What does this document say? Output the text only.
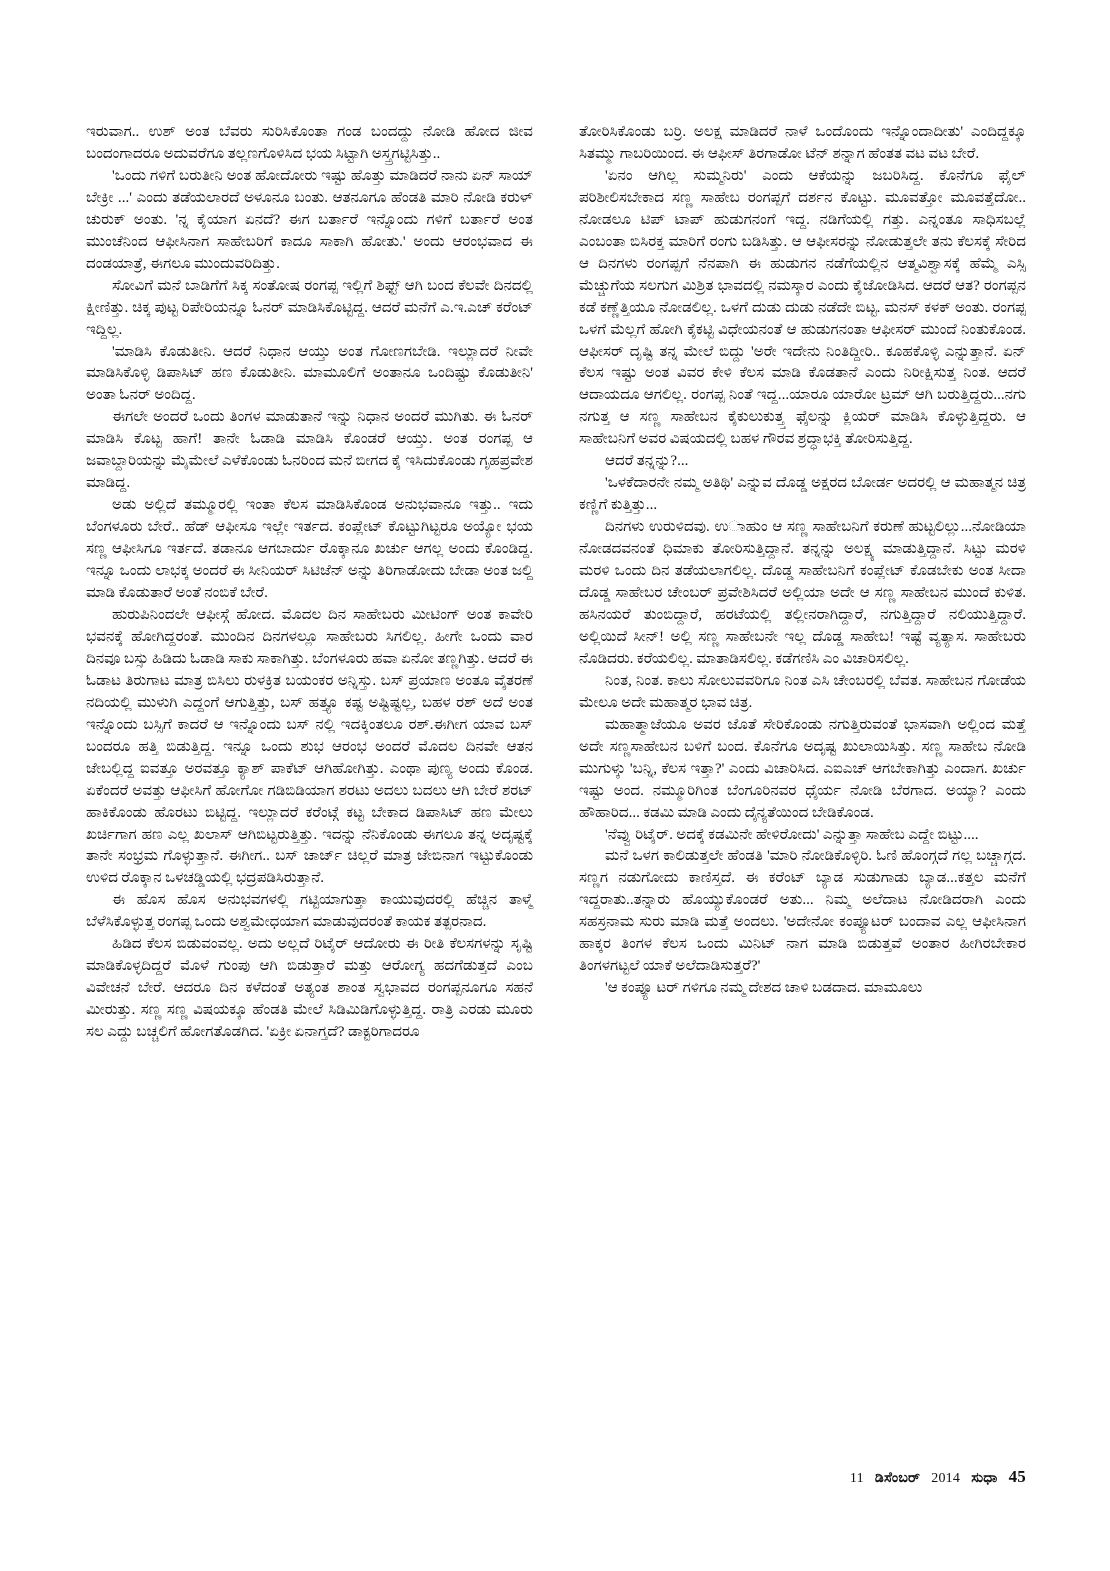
ಇರುವಾಗ.. ಉಶ್ ಅಂತ ಬೆವರು ಸುರಿಸಿಕೊಂತಾ ಗಂಡ ಬಂದದ್ದು ನೋಡಿ ಹೋದ ಜೀವ ಬಂದಂಗಾದರೂ ಅದುವರೆಗೂ ತಲ್ಲಣಗೊಳಿಸಿದ ಭಯ ಸಿಟ್ಟಾಗಿ ಅಸ್ತ್ರಗಟ್ಟಿಸಿತ್ತು..

'ಒಂದು ಗಳಿಗೆ ಬರುತೀನಿ ಅಂತ ಹೋದೋರು ಇಷ್ಟು ಹೊತ್ತು ಮಾಡಿದರೆ ನಾನು ಏನ್ ಸಾಯ್ ಬೇಕ್ರೀ ...' ಎಂದು ತಡೆಯಲಾರದೆ ಅಳೂನೂ ಬಂತು. ಆತನೂಗೂ ಹೆಂಡತಿ ಮಾರಿ ನೋಡಿ ಕರುಳ್ ಚುರುಕ್ ಅಂತು. 'ನ್ನ ಕೈಯಾಗ ಏನದೆ? ಈಗ ಬರ್ತಾರೆ ಇನ್ನೊಂದು ಗಳಿಗೆ ಬರ್ತಾರೆ ಅಂತ ಮುಂಚೆನಿಂದ ಆಫೀಸಿನಾಗ ಸಾಹೇಬರಿಗೆ ಕಾದೂ ಸಾಕಾಗಿ ಹೋತು.' ಅಂದು ಆರಂಭವಾದ ಈ ದಂಡಯಾತ್ರೆ, ಈಗಲೂ ಮುಂದುವರಿದಿತ್ತು.

ಸೋವಿಗೆ ಮನೆ ಬಾಡಿಗೆಗೆ ಸಿಕ್ಕ ಸಂತೋಷ ರಂಗಪ್ಪ ಇಲ್ಲಿಗೆ ಶಿಫ್ಟ್ ಆಗಿ ಬಂದ ಕೆಲವೇ ದಿನದಲ್ಲಿ ಕ್ಷೀಣಿತ್ತು. ಚಿಕ್ಕ ಪುಟ್ಟ ರಿಪೇರಿಯನ್ನೂ ಓನರ್ ಮಾಡಿಸಿಕೊಟ್ಟಿದ್ದ. ಆದರೆ ಮನೆಗೆ ಎ.ಇ.ಎಚ್ ಕರೆಂಟ್ ಇದ್ದಿಲ್ಲ.

'ಮಾಡಿಸಿ ಕೊಡುತೀನಿ. ಆದರೆ ನಿಧಾನ ಆಯ್ತು ಅಂತ ಗೋಣಗಬೇಡಿ. ಇಲ್ಲುಾದರೆ ನೀವೇ ಮಾಡಿಸಿಕೊಳ್ಳಿ ಡಿಪಾಸಿಟ್ ಹಣ ಕೊಡುತೀನಿ. ಮಾಮೂಲಿಗೆ ಅಂತಾನೂ ಒಂದಿಷ್ಟು ಕೊಡುತೀನಿ' ಅಂತಾ ಓನರ್ ಅಂದಿದ್ದ.

ಈಗಲೇ ಅಂದರೆ ಒಂದು ತಿಂಗಳ ಮಾಡುತಾನೆ ಇನ್ನು ನಿಧಾನ ಅಂದರೆ ಮುಗಿತು. ಈ ಓನರ್ ಮಾಡಿಸಿ ಕೊಟ್ಟ ಹಾಗೆ! ತಾನೇ ಓಡಾಡಿ ಮಾಡಿಸಿ ಕೊಂಡರೆ ಆಯ್ತು. ಅಂತ ರಂಗಪ್ಪ ಆ ಜವಾಬ್ದಾರಿಯನ್ನು ಮೈಮೇಲೆ ಎಳೆಕೊಂಡು ಓನರಿಂದ ಮನೆ ಬೀಗದ ಕೈ ಇಸಿದುಕೊಂಡು ಗೃಹಪ್ರವೇಶ ಮಾಡಿದ್ದ.

ಅಡು ಅಲ್ಲಿದೆ ತಮ್ಮೂರಲ್ಲಿ ಇಂತಾ ಕೆಲಸ ಮಾಡಿಸಿಕೊಂಡ ಅನುಭವಾನೂ ಇತ್ತು.. ಇದು ಬೆಂಗಳೂರು ಬೇರೆ.. ಹೆಡ್ ಆಫೀಸೂ ಇಲ್ಲೇ ಇರ್ತದ. ಕಂಪ್ಲೇಟ್ ಕೊಟ್ಟುಗಿಟ್ಟರೂ ಅಯ್ಯೋ ಭಯ ಸಣ್ಣ ಆಫೀಸಿಗೂ ಇರ್ತದೆ. ತಡಾನೂ ಆಗಬಾರ್ದು ರೊಕ್ಕಾನೂ ಖರ್ಚು ಆಗಲ್ಲ ಅಂದು ಕೊಂಡಿದ್ದ. ಇನ್ನೂ ಒಂದು ಲಾಭಕ್ಕ ಅಂದರೆ ಈ ಸೀನಿಯರ್ ಸಿಟಿಜೆನ್ ಅನ್ನು ತಿರಿಗಾಡೋದು ಬೇಡಾ ಅಂತ ಜಲ್ದಿ ಮಾಡಿ ಕೊಡುತಾರೆ ಅಂತೆ ನಂಬಿಕೆ ಬೇರೆ.

ಹುರುಪಿನಿಂದಲೇ ಆಫೀಸ್ಗೆ ಹೋದ. ಮೊದಲ ದಿನ ಸಾಹೇಬರು ಮೀಟಿಂಗ್ ಅಂತ ಕಾವೇರಿ ಭವನಕ್ಕೆ ಹೋಗಿದ್ದರಂತೆ. ಮುಂದಿನ ದಿನಗಳಲ್ಲೂ ಸಾಹೇಬರು ಸಿಗಲಿಲ್ಲ. ಹೀಗೇ ಒಂದು ವಾರ ದಿನವೂ ಬಸ್ಸು ಹಿಡಿದು ಓಡಾಡಿ ಸಾಕು ಸಾಕಾಗಿತ್ತು. ಬೆಂಗಳೂರು ಹವಾ ಏನೋ ತಣ್ಣಗಿತ್ತು. ಆದರೆ ಈ ಓಡಾಟ ತಿರುಗಾಟ ಮಾತ್ರ ಬಿಸಿಲು ರುಳಕ್ರಿತ ಬಯಂಕರ ಅನ್ನಿಸ್ತು. ಬಸ್ ಪ್ರಯಾಣ ಅಂತೂ ವೈತರಣೆ ನದಿಯಲ್ಲಿ ಮುಳುಗಿ ಎದ್ದಂಗೆ ಆಗುತ್ತಿತ್ತು, ಬಸ್ ಹತ್ತ್ಯೂ ಕಷ್ಟ ಅಷ್ಟಿಷ್ಟಲ್ಲ, ಬಹಳ ರಶ್ ಅದೆ ಅಂತ ಇನ್ನೊಂದು ಬಸ್ಸಿಗೆ ಕಾದರೆ ಆ ಇನ್ನೊಂದು ಬಸ್ ನಲ್ಲಿ ಇದಕ್ಕಿಂತಲೂ ರಶ್.ಈಗೀಗ ಯಾವ ಬಸ್ ಬಂದರೂ ಹತ್ತಿ ಬಿಡುತ್ತಿದ್ದ. ಇನ್ನೂ ಒಂದು ಶುಭ ಆರಂಭ ಅಂದರೆ ಮೊದಲ ದಿನವೇ ಆತನ ಜೇಬಲ್ಲಿದ್ದ ಐವತ್ತೂ ಅರವತ್ತೂ ಕ್ಯಾಶ್ ಪಾಕೆಟ್ ಆಗಿಹೋಗಿತ್ತು. ಎಂಥಾ ಪುಣ್ಯ ಅಂದು ಕೊಂಡ. ಏಕೆಂದರೆ ಅವತ್ತು ಆಫೀಸಿಗೆ ಹೋಗೋ ಗಡಿಬಿಡಿಯಾಗ ಶರಟು ಅದಲು ಬದಲು ಆಗಿ ಬೇರೆ ಶರಟ್ ಹಾಕಿಕೊಂಡು ಹೊರಟು ಬಿಟ್ಟಿದ್ದ. ಇಲ್ಲುಾದರೆ ಕರೆಂಟ್ಗೆ ಕಟ್ಟ ಬೇಕಾದ ಡಿಪಾಸಿಟ್ ಹಣ ಮೇಲು ಖರ್ಚಿಗಾಗ ಹಣ ಎಲ್ಲ ಖಲಾಸ್ ಆಗಿಬಿಟ್ಟರುತ್ತಿತ್ತು. ಇದನ್ನು ನೆನಿಕೊಂಡು ಈಗಲೂ ತನ್ನ ಅದೃಷ್ಟಕ್ಕೆ ತಾನೇ ಸಂಭ್ರಮ ಗೊಳ್ಳುತ್ತಾನೆ. ಈಗೀಗ.. ಬಸ್ ಚಾರ್ಜ್ ಚಿಲ್ಲರೆ ಮಾತ್ರ ಜೇಬಿನಾಗ ಇಟ್ಟುಕೊಂಡು ಉಳಿದ ರೊಕ್ಕಾನ ಒಳಚಡ್ಡಿಯಲ್ಲಿ ಭದ್ರಪಡಿಸಿರುತ್ತಾನೆ.

ಈ ಹೊಸ ಹೊಸ ಅನುಭವಗಳಲ್ಲಿ ಗಟ್ಟಿಯಾಗುತ್ತಾ ಕಾಯುವುದರಲ್ಲಿ ಹೆಚ್ಚಿನ ತಾಳ್ಮೆ ಬೆಳೆಸಿಕೊಳ್ಳುತ್ತ ರಂಗಪ್ಪ ಒಂದು ಅಶ್ವಮೇಧಯಾಗ ಮಾಡುವುದರಂತೆ ಕಾಯಕ ತತ್ಪರನಾದ.

ಹಿಡಿದ ಕೆಲಸ ಬಿಡುವಂವಲ್ಲ. ಅದು ಅಲ್ಲದೆ ರಿಟೈರ್ ಆದೋರು ಈ ರೀತಿ ಕೆಲಸಗಳನ್ನು ಸೃಷ್ಟಿ ಮಾಡಿಕೊಳ್ಳದಿದ್ದರೆ ಮೊಳೆ ಗುಂಪು ಆಗಿ ಬಿಡುತ್ತಾರೆ ಮತ್ತು ಆರೋಗ್ಯ ಹದಗೆಡುತ್ತದೆ ಎಂಬ ವಿವೇಚನೆ ಬೇರೆ. ಆದರೂ ದಿನ ಕಳೆದಂತೆ ಅತ್ಯಂತ ಶಾಂತ ಸ್ವಭಾವದ ರಂಗಪ್ಪನೂಗೂ ಸಹನೆ ಮೀರುತ್ತು. ಸಣ್ಣ ಸಣ್ಣ ವಿಷಯಕ್ಕೂ ಹೆಂಡತಿ ಮೇಲೆ ಸಿಡಿಮಿಡಿಗೊಳ್ಳುತ್ತಿದ್ದ. ರಾತ್ರಿ ಎರಡು ಮೂರು ಸಲ ಎದ್ದು ಬಚ್ಚಲಿಗೆ ಹೋಗತೊಡಗಿದ. 'ಏಕ್ರೀ ಏನಾಗ್ತದೆ? ಡಾಕ್ಟರಿಗಾದರೂ

ತೋರಿಸಿಕೊಂಡು ಬರ್ರಿ. ಅಲಕ್ಷ ಮಾಡಿದರೆ ನಾಳೆ ಒಂದೊಂದು ಇನ್ನೊಂದಾದೀತು' ಎಂದಿದ್ದಕ್ಕೂ ಸಿತಮ್ಮು ಗಾಬರಿಯಿಂದ. ಈ ಆಫೀಸ್ ತಿರಗಾಡೋ ಟೆನ್ ಶನ್ನಾಗ ಹೆಂತತ ವಟ ವಟ ಬೇರೆ.

'ಏನಂ ಆಗಿಲ್ಲ ಸುಮ್ಮನಿರು' ಎಂದು ಆಕೆಯನ್ನು ಜಬರಿಸಿದ್ದ. ಕೊನೆಗೂ ಫೈಲ್ ಪರಿಶೀಲಿಸಬೇಕಾದ ಸಣ್ಣ ಸಾಹೇಬ ರಂಗಪ್ಪಗೆ ದರ್ಶನ ಕೊಟ್ಟು. ಮೂವತ್ತೋ ಮೂವತ್ತೆದೋ.. ನೋಡಲೂ ಟಿಪ್ ಟಾಪ್ ಹುಡುಗನಂಗೆ ಇದ್ದ. ನಡಿಗೆಯಲ್ಲಿ ಗತ್ತು. ಎನ್ನಂತೂ ಸಾಧಿಸಬಲ್ಲೆ ಎಂಬಂತಾ ಬಿಸಿರಕ್ತ ಮಾರಿಗೆ ರಂಗು ಬಡಿಸಿತ್ತು. ಆ ಆಫೀಸರನ್ನು ನೋಡುತ್ತಲೇ ತನು ಕೆಲಸಕ್ಕೆ ಸೇರಿದ ಆ ದಿನಗಳು ರಂಗಪ್ಪಗೆ ನೆನಪಾಗಿ ಈ ಹುಡುಗನ ನಡೆಗೆಯಲ್ಲಿನ ಆತ್ಮವಿಶ್ವಾಸಕ್ಕೆ ಹೆಮ್ಮೆ ಎಸ್ಸಿ ಮೆಚ್ಚುಗೆಯ ಸಲಗುಗ ಮಿಶ್ರಿತ ಭಾವದಲ್ಲಿ ನಮಸ್ಕಾರ ಎಂದು ಕೈಜೋಡಿಸಿದ. ಆದರೆ ಆತ? ರಂಗಪ್ಪನ ಕಡೆ ಕಣ್ಣೆತ್ತಿಯೂ ನೋಡಲಿಲ್ಲ. ಒಳಗೆ ದುಡು ದುಡು ನಡೆದೇ ಬಿಟ್ಟ. ಮನಸ್ ಕಳಕ್ ಅಂತು. ರಂಗಪ್ಪ ಒಳಗೆ ಮೆಲ್ಲಗೆ ಹೋಗಿ ಕೈಕಟ್ಟಿ ವಿಧೇಯನಂತೆ ಆ ಹುಡುಗನಂತಾ ಆಫೀಸರ್ ಮುಂದೆ ನಿಂತುಕೊಂಡ. ಆಫೀಸರ್ ದೃಷ್ಟಿ ತನ್ನ ಮೇಲೆ ಬಿದ್ದು 'ಅರೇ ಇದೇನು ನಿಂತಿದ್ದೀರಿ.. ಕೂಹಕೊಳ್ಳಿ ಎನ್ನುತ್ತಾನೆ. ಏನ್ ಕೆಲಸ ಇಷ್ಟು ಅಂತ ವಿವರ ಕೇಳಿ ಕೆಲಸ ಮಾಡಿ ಕೊಡತಾನೆ ಎಂದು ನಿರೀಕ್ಷಿಸುತ್ತ ನಿಂತ. ಆದರೆ ಆದಾಯದೂ ಆಗಲಿಲ್ಲ. ರಂಗಪ್ಪ ನಿಂತೆ ಇದ್ದ...ಯಾರೂ ಯಾರೋ ಟ್ರಮ್ ಆಗಿ ಬರುತ್ತಿದ್ದರು...ನಗು ನಗುತ್ತ ಆ ಸಣ್ಣ ಸಾಹೇಬನ ಕೈಕುಲುಕುತ್ತ್ತ ಫೈಲನ್ನು ಕ್ಲಿಯರ್ ಮಾಡಿಸಿ ಕೊಳ್ಳುತ್ತಿದ್ದರು. ಆ ಸಾಹೇಬನಿಗೆ ಅವರ ವಿಷಯದಲ್ಲಿ ಬಹಳ ಗೌರವ ಶ್ರದ್ಧಾಭಕ್ತಿ ತೋರಿಸುತ್ತಿದ್ದ.

ಆದರೆ ತನ್ನನ್ನು?...

'ಒಳಕೆದಾರನೇ ನಮ್ಮ ಅತಿಥಿ' ಎನ್ನುವ ದೊಡ್ಡ ಅಕ್ಷರದ ಬೋರ್ಡ ಅದರಲ್ಲಿ ಆ ಮಹಾತ್ಮನ ಚಿತ್ರ ಕಣ್ಣಿಗೆ ಕುತ್ತಿತ್ತು...

ದಿನಗಳು ಉರುಳಿದವು. ಉಾಹುಂ ಆ ಸಣ್ಣ ಸಾಹೇಬನಿಗೆ ಕರುಣೆ ಹುಟ್ಟಲಿಲ್ಲು...ನೋಡಿಯಾ ನೋಡದವನಂತೆ ಧಿಮಾಕು ತೋರಿಸುತ್ತಿದ್ದಾನೆ. ತನ್ನನ್ನು ಅಲಕ್ಷ್ಯ ಮಾಡುತ್ತಿದ್ದಾನೆ. ಸಿಟ್ಟು ಮರಳಿ ಮರಳಿ ಒಂದು ದಿನ ತಡೆಯಲಾಗಲಿಲ್ಲ. ದೊಡ್ಡ ಸಾಹೇಬನಿಗೆ ಕಂಪ್ಲೇಟ್ ಕೊಡಬೇಕು ಅಂತ ಸೀದಾ ದೊಡ್ಡ ಸಾಹೇಬರ ಚೇಂಬರ್ ಪ್ರವೇಶಿಸಿದರೆ ಅಲ್ಲಿಯಾ ಅದೇ ಆ ಸಣ್ಣ ಸಾಹೇಬನ ಮುಂದೆ ಕುಳಿತ. ಹಸಿನಯರೆ ತುಂಬಿದ್ದಾರೆ, ಹರಟೆಯಲ್ಲಿ ತಲ್ಲೀನರಾಗಿದ್ದಾರೆ, ನಗುತ್ತಿದ್ದಾರೆ ನಲಿಯುತ್ತಿದ್ದಾರೆ. ಅಲ್ಲಿಯಿದೆ ಸೀನ್! ಅಲ್ಲಿ ಸಣ್ಣ ಸಾಹೇಬನೇ ಇಲ್ಲ ದೊಡ್ಡ ಸಾಹೇಬ! ಇಷ್ಟೆ ವ್ಯತ್ಯಾಸ. ಸಾಹೇಬರು ನೊಡಿದರು. ಕರೆಯಲಿಲ್ಲ. ಮಾತಾಡಿಸಲಿಲ್ಲ. ಕಡೆಗಣಿಸಿ ಎಂ ವಿಚಾರಿಸಲಿಲ್ಲ.

ನಿಂತ, ನಿಂತ. ಕಾಲು ಸೋಲುವವರಿಗೂ ನಿಂತ ಎಸಿ ಚೇಂಬರಲ್ಲಿ ಬೆವತ. ಸಾಹೇಬನ ಗೋಡೆಯ ಮೇಲೂ ಅದೇ ಮಹಾತ್ಮರ ಭಾವ ಚಿತ್ರ.

ಮಹಾತ್ಮಾಜೆಯೂ ಅವರ ಜೊತೆ ಸೇರಿಕೊಂಡು ನಗುತ್ತಿರುವಂತೆ ಭಾಸವಾಗಿ ಅಲ್ಲಿಂದ ಮತ್ತೆ ಅದೇ ಸಣ್ಣಸಾಹೇಬನ ಬಳಿಗೆ ಬಂದ. ಕೊನೆಗೂ ಅದೃಷ್ಟ ಖುಲಾಯಿಸಿತ್ತು. ಸಣ್ಣ ಸಾಹೇಬ ನೋಡಿ ಮುಗುಳ್ಕು 'ಬನ್ನಿ, ಕೆಲಸ ಇತ್ತಾ?' ಎಂದು ವಿಚಾರಿಸಿದ. ಎಐಎಚ್ ಆಗಬೇಕಾಗಿತ್ತು ಎಂದಾಗ. ಖರ್ಚು ಇಷ್ಟು ಅಂದ. ನಮ್ಮೂರಿಗಿಂತ ಬೆಂಗೂರಿನವರ ಧೈರ್ಯ ನೋಡಿ ಬೆರಗಾದ. ಅಯ್ಯಾ? ಎಂದು ಹೌಹಾರಿದ... ಕಡಮಿ ಮಾಡಿ ಎಂದು ದೈನ್ಯತೆಯಿಂದ ಬೇಡಿಕೊಂಡ.

'ನೆವ್ವು ರಿಟೈರ್. ಅದಕ್ಕೆ ಕಡಮಿನೇ ಹೇಳಿರೋದು' ಎನ್ನುತ್ತಾ ಸಾಹೇಬ ಎದ್ದೇ ಬಿಟ್ಟು....

ಮನೆ ಒಳಗ ಕಾಲಿಡುತ್ತಲೇ ಹೆಂಡತಿ 'ಮಾರಿ ನೋಡಿಕೊಳ್ಳಿರಿ. ಓಣಿ ಹೊಂಗ್ಗದೆ ಗಲ್ಲ ಬಚ್ಚಾಗ್ಗದ. ಸಣ್ಣಗ ನಡುಗೋದು ಕಾಣಿಸ್ತದೆ. ಈ ಕರೆಂಟ್ ಬ್ಯಾಡ ಸುಡುಗಾಡು ಬ್ಯಾಡ...ಕತ್ತಲ ಮನೆಗೆ ಇದ್ದರಾತು..ತನ್ನಾರು ಹೊಯ್ಯುಕೊಂಡರೆ ಅತು... ನಿಮ್ಮ ಅಲೆದಾಟ ನೋಡಿದರಾಗಿ ಎಂದು ಸಹಸ್ರನಾಮ ಸುರು ಮಾಡಿ ಮತ್ತೆ ಅಂದಲು. 'ಅದೇನೋ ಕಂಪ್ಯೂಟರ್ ಬಂದಾವ ಎಲ್ಲ ಆಫೀಸಿನಾಗ ಹಾಕ್ಕರ ತಿಂಗಳ ಕೆಲಸ ಒಂದು ಮಿನಿಟ್ ನಾಗ ಮಾಡಿ ಬಿಡುತ್ತವೆ ಅಂತಾರ ಹೀಗಿರಬೇಕಾರ ತಿಂಗಳಗಟ್ಟಲೆ ಯಾಕೆ ಅಲೆದಾಡಿಸುತ್ತರೆ?'

'ಆ ಕಂಪ್ಯೂ ಟರ್ ಗಳಿಗೂ ನಮ್ಮ ದೇಶದ ಚಾಳಿ ಬಡದಾದ. ಮಾಮೂಲು

11 ಡಿಸೆಂಬರ್ 2014 ಸುಧಾ 45
